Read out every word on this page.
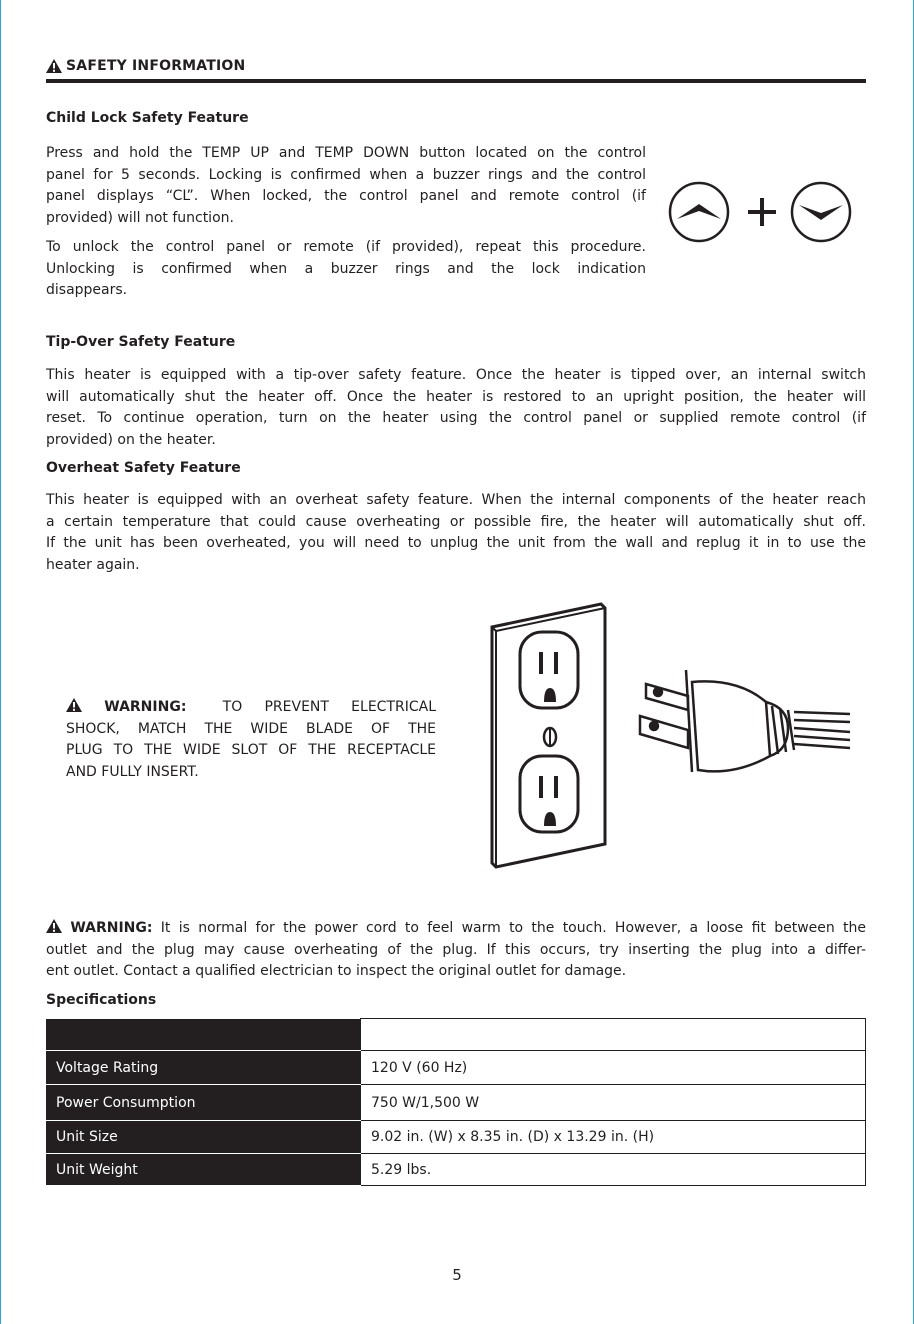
SAFETY INFORMATION
Child Lock Safety Feature
Press and hold the TEMP UP and TEMP DOWN button located on the control
panel for 5 seconds. Locking is confirmed when a buzzer rings and the control
panel displays “CL”. When locked, the control panel and remote control (if
provided) will not function.
To unlock the control panel or remote (if provided), repeat this procedure.
Unlocking is confirmed when a buzzer rings and the lock indication
disappears.
Tip-Over Safety Feature
This heater is equipped with a tip-over safety feature. Once the heater is tipped over, an internal switch
will automatically shut the heater off. Once the heater is restored to an upright position, the heater will
reset. To continue operation, turn on the heater using the control panel or supplied remote control (if
provided) on the heater.
Overheat Safety Feature
This heater is equipped with an overheat safety feature. When the internal components of the heater reach
a certain temperature that could cause overheating or possible fire, the heater will automatically shut off.
If the unit has been overheated, you will need to unplug the unit from the wall and replug it in to use the
heater again.
WARNING:	TO PREVENT ELECTRICAL
SHOCK, MATCH THE WIDE BLADE OF THE
PLUG TO THE WIDE SLOT OF THE RECEPTACLE
AND FULLY INSERT.
WARNING: It is normal for the power cord to feel warm to the touch. However, a loose fit between the
outlet and the plug may cause overheating of the plug. If this occurs, try inserting the plug into a differ-
ent outlet. Contact a qualified electrician to inspect the original outlet for damage.
Specifications

Voltage Rating	120 V (60 Hz)
Power Consumption	750 W/1,500 W
Unit Size	9.02 in. (W) x 8.35 in. (D) x 13.29 in. (H)
Unit Weight	5.29 lbs.
5
